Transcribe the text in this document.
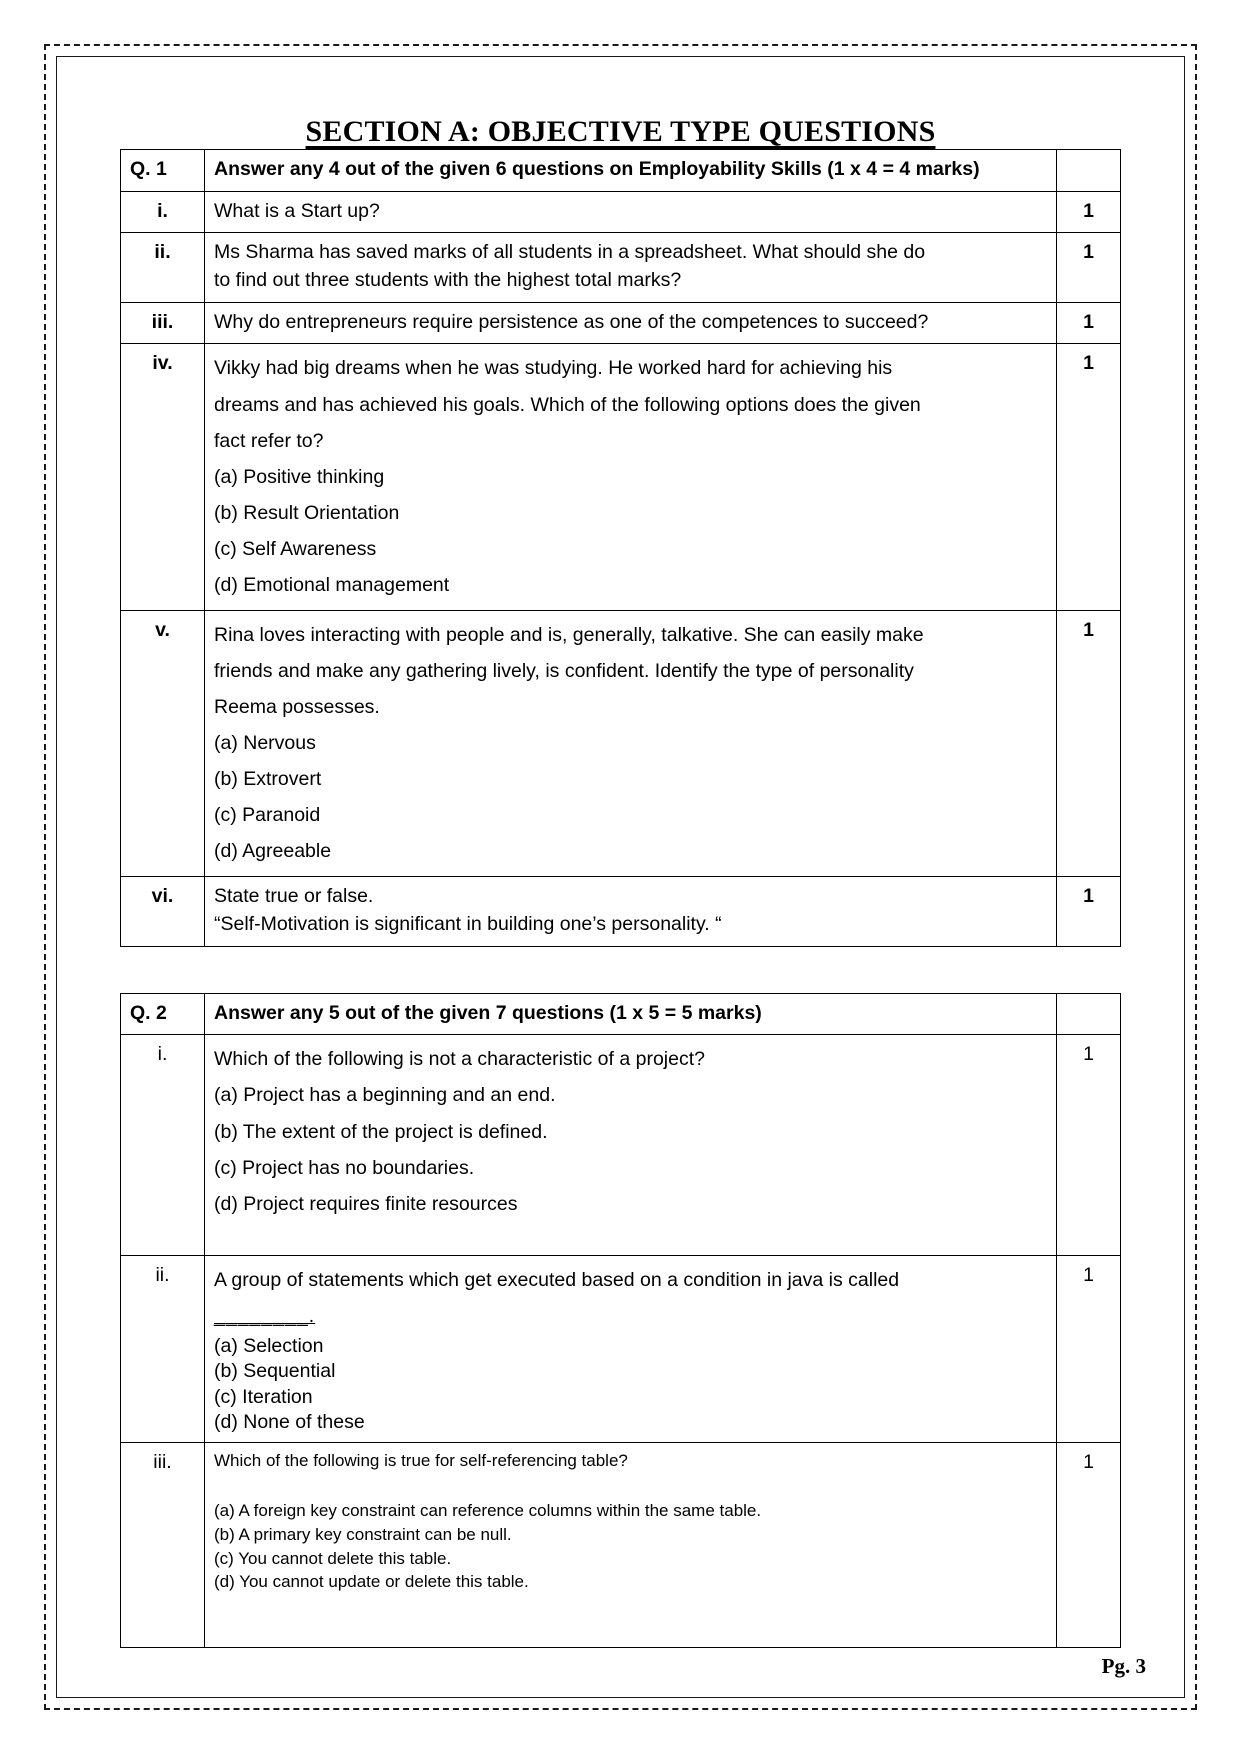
SECTION A: OBJECTIVE TYPE QUESTIONS
Q. 1	Answer any 4 out of the given 6 questions on Employability Skills (1 x 4 = 4 marks)	
i.	What is a Start up?	1
ii.	Ms Sharma has saved marks of all students in a spreadsheet. What should she do
to find out three students with the highest total marks?	1
iii.	Why do entrepreneurs require persistence as one of the competences to succeed?	1
iv.	Vikky had big dreams when he was studying. He worked hard for achieving his
dreams and has achieved his goals. Which of the following options does the given
fact refer to?
(a) Positive thinking
(b) Result Orientation
(c) Self Awareness
(d) Emotional management
	1
v.	Rina loves interacting with people and is, generally, talkative. She can easily make
friends and make any gathering lively, is confident. Identify the type of personality
Reema possesses.
(a) Nervous
(b) Extrovert
(c) Paranoid
(d) Agreeable
	1
vi.	State true or false.
“Self-Motivation is significant in building one’s personality. “	1
Q. 2	Answer any 5 out of the given 7 questions (1 x 5 = 5 marks)	
i.	Which of the following is not a characteristic of a project?
(a) Project has a beginning and an end.
(b) The extent of the project is defined.
(c) Project has no boundaries.
(d) Project requires finite resources	1
ii.	A group of statements which get executed based on a condition in java is called
________.
(a) Selection
(b) Sequential
(c) Iteration
(d) None of these
	1
iii.	Which of the following is true for self-referencing table?
(a) A foreign key constraint can reference columns within the same table.
(b) A primary key constraint can be null.
(c) You cannot delete this table.
(d) You cannot update or delete this table.	1
Pg. 3
